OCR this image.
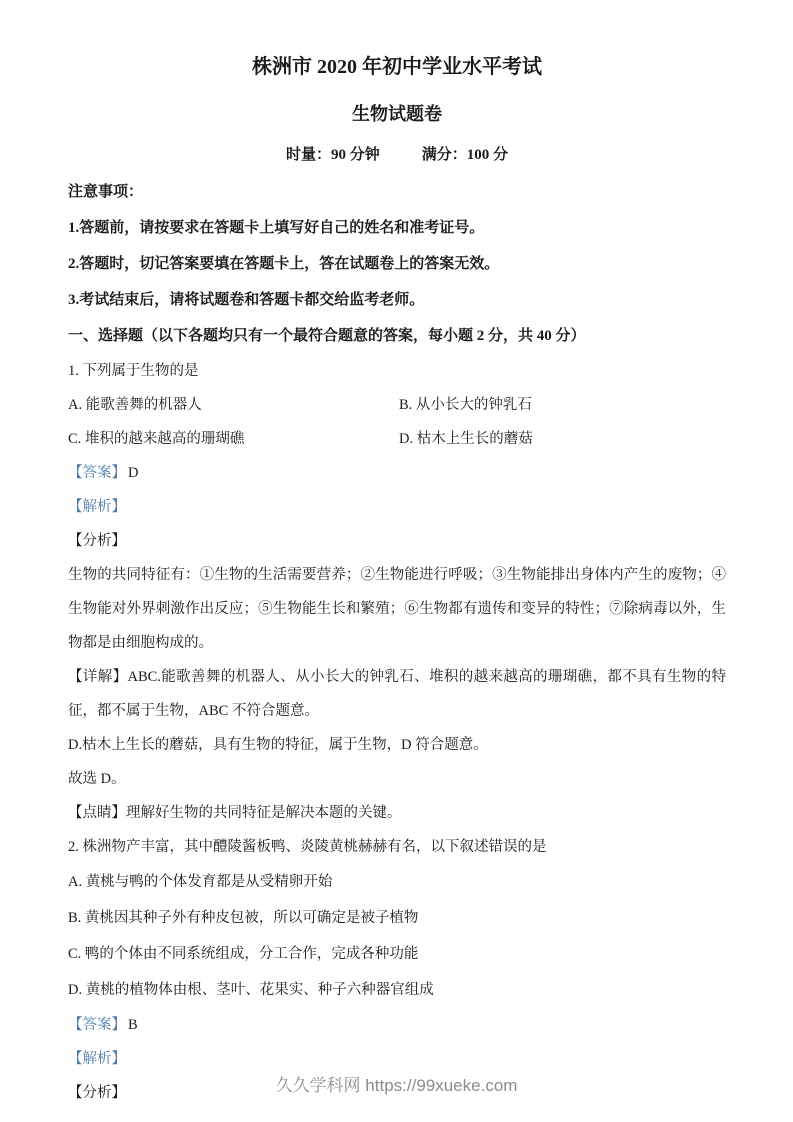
株洲市 2020 年初中学业水平考试
生物试题卷

时量：90 分钟	满分：100 分

注意事项：

1.答题前，请按要求在答题卡上填写好自己的姓名和准考证号。

2.答题时，切记答案要填在答题卡上，答在试题卷上的答案无效。

3.考试结束后，请将试题卷和答题卡都交给监考老师。

一、选择题（以下各题均只有一个最符合题意的答案，每小题 2 分，共 40 分）

1. 下列属于生物的是

A. 能歌善舞的机器人	B. 从小长大的钟乳石
C. 堆积的越来越高的珊瑚礁	D. 枯木上生长的蘑菇

【答案】 D

【解析】

【分析】

生物的共同特征有：①生物的生活需要营养；②生物能进行呼吸；③生物能排出身体内产生的废物；④生物能对外界刺激作出反应；⑤生物能生长和繁殖；⑥生物都有遗传和变异的特性；⑦除病毒以外，生物都是由细胞构成的。

【详解】ABC.能歌善舞的机器人、从小长大的钟乳石、堆积的越来越高的珊瑚礁，都不具有生物的特征，都不属于生物，ABC 不符合题意。

D.枯木上生长的蘑菇，具有生物的特征，属于生物，D 符合题意。

故选 D。

【点睛】理解好生物的共同特征是解决本题的关键。

2. 株洲物产丰富，其中醴陵酱板鸭、炎陵黄桃赫赫有名，以下叙述错误的是

A. 黄桃与鸭的个体发育都是从受精卵开始
B. 黄桃因其种子外有种皮包被，所以可确定是被子植物
C. 鸭的个体由不同系统组成，分工合作，完成各种功能
D. 黄桃的植物体由根、茎叶、花果实、种子六种器官组成

【答案】 B

【解析】

【分析】	久久学科网 https://99xueke.com
